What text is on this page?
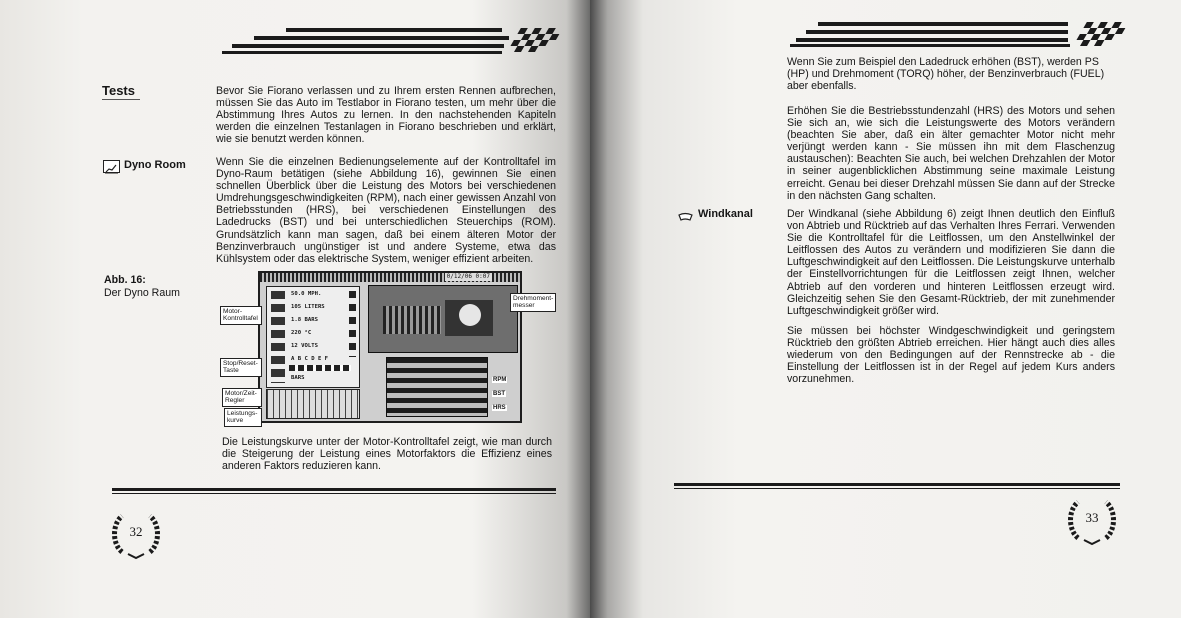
Tests	Bevor Sie Fiorano verlassen und zu Ihrem ersten Rennen aufbrechen, müssen Sie das Auto im Testlabor in Fiorano testen, um mehr über die Abstimmung Ihres Autos zu lernen. In den nachstehenden Kapiteln werden die einzelnen Testanlagen in Fiorano beschrieben und erklärt, wie sie benutzt werden können.
Dyno Room	Wenn Sie die einzelnen Bedienungselemente auf der Kontrolltafel im Dyno-Raum betätigen (siehe Abbildung 16), gewinnen Sie einen schnellen Überblick über die Leistung des Motors bei verschiedenen Umdrehungsgeschwindigkeiten (RPM), nach einer gewissen Anzahl von Betriebsstunden (HRS), bei verschiedenen Einstellungen des Ladedrucks (BST) und bei unterschiedlichen Steuerchips (ROM). Grundsätzlich kann man sagen, daß bei einem älteren Motor der Benzinverbrauch ungünstiger ist und andere Systeme, etwa das Kühlsystem oder das elektrische System, weniger effizient arbeiten.
Abb. 16:
Der Dyno Raum
0/12/06 0:07
50.0 MPH.
105 LITERS
1.8 BARS
220 °C
12 VOLTS
A B C D E F
BARS	RPM
BST
HRS
Motor-Kontrolltafel
Stop/Reset-Taste
Motor/Zeit-Regler
Leistungs-kurve
Drehmoment-messer
Die Leistungskurve unter der Motor-Kontrolltafel zeigt, wie man durch die Steigerung der Leistung eines Motorfaktors die Effizienz eines anderen Faktors reduzieren kann.
32
Wenn Sie zum Beispiel den Ladedruck erhöhen (BST), werden PS (HP) und Drehmoment (TORQ) höher, der Benzinverbrauch (FUEL) aber ebenfalls.
Erhöhen Sie die Bestriebsstundenzahl (HRS) des Motors und sehen Sie sich an, wie sich die Leistungswerte des Motors verändern (beachten Sie aber, daß ein älter gemachter Motor nicht mehr verjüngt werden kann - Sie müssen ihn mit dem Flaschenzug austauschen): Beachten Sie auch, bei welchen Drehzahlen der Motor in seiner augenblicklichen Abstimmung seine maximale Leistung erreicht. Genau bei dieser Drehzahl müssen Sie dann auf der Strecke in den nächsten Gang schalten.
Windkanal	Der Windkanal (siehe Abbildung 6) zeigt Ihnen deutlich den Einfluß von Abtrieb und Rücktrieb auf das Verhalten Ihres Ferrari. Verwenden Sie die Kontrolltafel für die Leitflossen, um den Anstellwinkel der Leitflossen des Autos zu verändern und modifizieren Sie dann die Luftgeschwindigkeit auf den Leitflossen. Die Leistungskurve unterhalb der Einstellvorrichtungen für die Leitflossen zeigt Ihnen, welcher Abtrieb auf den vorderen und hinteren Leitflossen erzeugt wird. Gleichzeitig sehen Sie den Gesamt-Rücktrieb, der mit zunehmender Luftgeschwindigkeit größer wird.
Sie müssen bei höchster Windgeschwindigkeit und geringstem Rücktrieb den größten Abtrieb erreichen. Hier hängt auch dies alles wiederum von den Bedingungen auf der Rennstrecke ab - die Einstellung der Leitflossen ist in der Regel auf jedem Kurs anders vorzunehmen.
33
